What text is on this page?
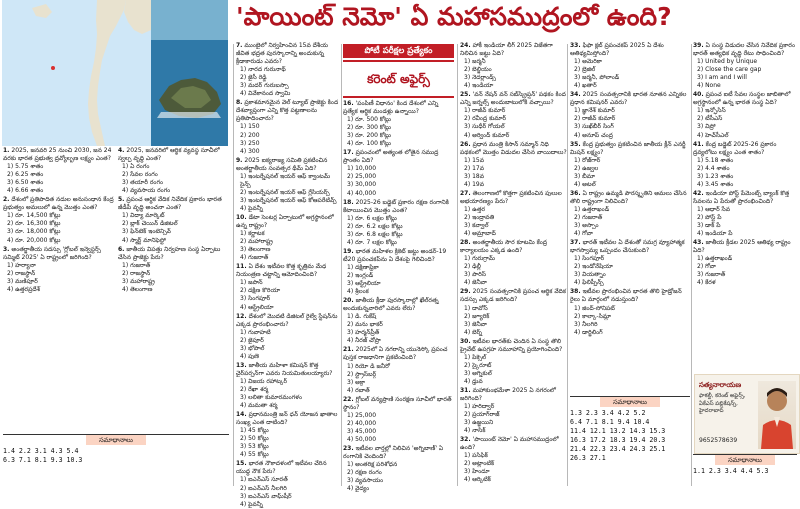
'పాయింట్ నెమో' ఏ మహాసముద్రంలో ఉంది?
పోటీ పరీక్షల ప్రత్యేకం
కరెంట్ అఫైర్స్
1. 2025, జనవరి 25 నుంచి 2030, జన 24 వరకు భారత ప్రభుత్వ ద్రవ్యోల్బణ లక్ష్యం ఎంత?
1) 5.75 శాతం
2) 6.25 శాతం
3) 6.50 శాతం
4) 6.66 శాతం
2. దేశంలో ప్రతిపాదిత నదుల అనుసంధాన కేంద్ర ప్రభుత్వం అమలులో ఉన్న మొత్తం ఎంత?
1) రూ. 14,500 కోట్లు
2) రూ. 16,300 కోట్లు
3) రూ. 18,000 కోట్లు
4) రూ. 20,000 కోట్లు
3. అంతర్జాతీయ సదస్సు 'గ్లోబల్ ఇన్వెస్టర్స్ సమ్మిట్ 2025' ఏ రాష్ట్రంలో జరిగింది?
1) హర్యానా
2) రాజస్థాన్
3) మణిపూర్
4) ఉత్తరప్రదేశ్
4. 2025, జనవరిలో ఆర్థిక వ్యవస్థ సూచీలో స్వల్ప వృద్ధి ఎంత?
1) ఏ రంగం
2) సేవల రంగం
3) తయారీ రంగం
4) వ్యవసాయ రంగం
5. ప్రపంచ ఆర్థిక వేదిక నివేదిక ప్రకారం భారత జీడీపీ వృద్ధి అంచనా ఎంత?
1) విద్యా మార్కెట్
2) బ్లాక్ చెయిన్ డిజిటల్
3) ఫిన్‌టెక్ ఇంటెన్సివ్
4) స్మార్ట్ మానిఫెస్టో
6. జాతీయ విపత్తు నిర్వహణ సంస్థ ఏర్పాటు చేసిన ప్రాజెక్టు పేరు?
1) గుజరాత్
2) రాజస్థాన్
3) మహారాష్ట్ర
4) తెలంగాణ
7. ముంబైలో నిర్వహించిన 15వ దేశీయ జీవిత భద్రత పురస్కారాన్ని అందుకున్న క్రీడాకారుడు ఎవరు?
1) నారద గురునాథ్
2) జైసీ రెడ్డి
3) మదర్ గురుబస్సా
4) వివేకానంద స్వామి
8. ప్రకాశమానమైన వెల్ ట్యూబ్ ప్రాజెక్టు కింద దేశవ్యాప్తంగా ఎన్ని కొత్త పట్టణాలను ప్రతిపాదించారు?
1) 150
2) 200
3) 250
4) 300
9. 2025 ఐక్యరాజ్య సమితి ప్రకటించిన అంతర్జాతీయ సంవత్సర థీమ్ ఏది?
1) ఇంటర్నేషనల్ ఇయర్ ఆఫ్ క్వాంటమ్ సైన్స్
2) ఇంటర్నేషనల్ ఇయర్ ఆఫ్ గ్లేసియర్స్
3) ఇంటర్నేషనల్ ఇయర్ ఆఫ్ కోఆపరేటివ్స్
4) పైవన్నీ
10. డేటా సెంటర్ల ఏర్పాటులో అగ్రస్థానంలో ఉన్న రాష్ట్రం?
1) కర్ణాటక
2) మహారాష్ట్ర
3) తెలంగాణ
4) గుజరాత్
11. ఏ దేశం ఇటీవల కొత్త కృత్రిమ మేధ నియంత్రణ చట్టాన్ని ఆమోదించింది?
1) జపాన్
2) దక్షిణ కొరియా
3) సింగపూర్
4) ఆస్ట్రేలియా
12. దేశంలో మొదటి డిజిటల్ రైల్వే స్టేషన్‌ను ఎక్కడ ప్రారంభించారు?
1) గువాహటి
2) జైపూర్
3) భోపాల్
4) పుణె
13. జాతీయ మహిళా కమిషన్ కొత్త చైర్‌పర్సన్‌గా ఎవరు నియమితులయ్యారు?
1) విజయ రహాట్కర్
2) రేఖా శర్మ
3) లలితా కుమారమంగళం
4) మమతా శర్మ
14. ప్రధానమంత్రి జన్ ధన్ యోజన ఖాతాల సంఖ్య ఎంత దాటింది?
1) 45 కోట్లు
2) 50 కోట్లు
3) 53 కోట్లు
4) 55 కోట్లు
15. భారత నౌకాదళంలో ఇటీవల చేరిన యుద్ధ నౌక పేరు?
1) ఐఎన్ఎస్ సూరత్
2) ఐఎన్ఎస్ నీలగిరి
3) ఐఎన్ఎస్ వాఘ్‌షీర్
4) పైవన్నీ
16. 'పంపిణీ విధానం' కింద దేశంలో ఎన్ని ప్రత్యేక ఆర్థిక మండళ్లు ఉన్నాయి?
1) రూ. 500 కోట్లు
2) రూ. 300 కోట్లు
3) రూ. 200 కోట్లు
4) రూ. 100 కోట్లు
17. ప్రపంచంలో అత్యంత లోతైన సముద్ర ప్రాంతం ఏది?
1) 10,000
2) 25,000
3) 30,000
4) 40,000
18. 2025-26 బడ్జెట్ ప్రకారం రక్షణ రంగానికి కేటాయించిన మొత్తం ఎంత?
1) రూ. 6 లక్షల కోట్లు
2) రూ. 6.2 లక్షల కోట్లు
3) రూ. 6.8 లక్షల కోట్లు
4) రూ. 7 లక్షల కోట్లు
19. భారత మహిళల క్రికెట్ జట్టు అండర్-19 టీ20 ప్రపంచకప్‌ను ఏ దేశంపై గెలిచింది?
1) దక్షిణాఫ్రికా
2) ఇంగ్లండ్
3) ఆస్ట్రేలియా
4) శ్రీలంక
20. జాతీయ క్రీడా పురస్కారాల్లో ఖేల్‌రత్న అందుకున్నవారిలో ఎవరు లేరు?
1) డి. గుకేష్
2) మను భాకర్
3) హర్మన్‌ప్రీత్
4) నీరజ్ చోప్రా
21. 2025లో ఏ నగరాన్ని యునెస్కో ప్రపంచ పుస్తక రాజధానిగా ప్రకటించింది?
1) రియో డి జనీరో
2) స్ట్రాస్‌బర్గ్
3) అక్రా
4) రబాత్
22. గ్లోబల్ వన్యప్రాణి సంరక్షణ సూచీలో భారత్ స్థానం?
1) 25,000
2) 40,000
3) 45,000
4) 50,000
23. ఇటీవల వార్తల్లో నిలిచిన 'అగ్నిబాణ్' ఏ రంగానికి చెందింది?
1) అంతరిక్ష పరిశోధన
2) రక్షణ రంగం
3) వ్యవసాయం
4) వైద్యం
24. హాకీ ఇండియా లీగ్ 2025 విజేతగా నిలిచిన జట్టు ఏది?
1) జర్మనీ
2) బెల్జియం
3) నెదర్లాండ్స్
4) ఇండియా
25. 'వన్ నేషన్ వన్ సబ్‌స్క్రిప్షన్' పథకం కింద ఎన్ని జర్నల్స్ అందుబాటులోకి వచ్చాయి?
1) రాజీవ్ కుమార్
2) రవీంద్ర కుమార్
3) సుధీర్ గోయల్
4) అర్వింద్ కుమార్
26. ప్రధాన మంత్రి కిసాన్ సమ్మాన్ నిధి పథకంలో మొత్తం విడుదల చేసిన వాయిదాలు?
1) 15వ
2) 17వ
3) 18వ
4) 19వ
27. తెలంగాణలో కొత్తగా ప్రకటించిన పులుల అభయారణ్యం పేరు?
1) ఉత్తర
2) ఇంద్రావతి
3) కవ్వాల్
4) అమ్రాబాద్
28. అంతర్జాతీయ సౌర కూటమి కేంద్ర కార్యాలయం ఎక్కడ ఉంది?
1) గురుగ్రామ్
2) ఢిల్లీ
3) పారిస్
4) జెనీవా
29. 2025 సంవత్సరానికి ప్రపంచ ఆర్థిక వేదిక సదస్సు ఎక్కడ జరిగింది?
1) దావోస్
2) జ్యూరిక్
3) జెనీవా
4) బెర్న్
30. ఇటీవల భారత్‌కు చెందిన ఏ సంస్థ తొలి ప్రైవేట్ ఉపగ్రహ సమూహాన్ని ప్రయోగించింది?
1) పిక్సెల్
2) స్కైరూట్
3) అగ్నికుల్
4) ధ్రువ
31. మహాకుంభమేళా 2025 ఏ నగరంలో జరిగింది?
1) హరిద్వార్
2) ప్రయాగ్‌రాజ్
3) ఉజ్జయిని
4) నాసిక్
32. 'పాయింట్ నెమో' ఏ మహాసముద్రంలో ఉంది?
1) పసిఫిక్
2) అట్లాంటిక్
3) హిందూ
4) ఆర్కిటిక్
33. ఫిఫా క్లబ్ ప్రపంచకప్ 2025 ఏ దేశం ఆతిథ్యమిస్తోంది?
1) అమెరికా
2) బ్రెజిల్
3) జర్మనీ, పోలాండ్
4) ఖతార్
34. 2025 సంవత్సరానికి భారత నూతన ఎన్నికల ప్రధాన కమిషనర్ ఎవరు?
1) జ్ఞానేశ్ కుమార్
2) రాజీవ్ కుమార్
3) సుఖ్‌బీర్ సింగ్
4) అనూప్ చంద్ర
35. కేంద్ర ప్రభుత్వం ప్రకటించిన జాతీయ క్లీన్ ఎనర్జీ మిషన్ లక్ష్యం?
1) రోజ్‌గార్
2) ఉజ్వల
3) బీమా
4) అటల్
36. ఏ రాష్ట్రం ఉమ్మడి పౌరస్మృతిని అమలు చేసిన తొలి రాష్ట్రంగా నిలిచింది?
1) ఉత్తరాఖండ్
2) గుజరాత్
3) అస్సాం
4) గోవా
37. భారత్ ఇటీవల ఏ దేశంతో సమగ్ర వ్యూహాత్మక భాగస్వామ్య ఒప్పందం చేసుకుంది?
1) సింగపూర్
2) ఇండోనేషియా
3) వియత్నాం
4) ఫిలిప్పీన్స్
38. ఇటీవల ప్రారంభించిన భారత తొలి హైడ్రోజన్ రైలు ఏ మార్గంలో నడుస్తుంది?
1) జింద్-సోనిపట్
2) కాల్కా-సిమ్లా
3) నీలగిరి
4) డార్జిలింగ్
39. ఏ సంస్థ విడుదల చేసిన నివేదిక ప్రకారం భారత్ అత్యధిక వృద్ధి రేటు సాధించింది?
1) United by Unique
2) Close the care gap
3) I am and I will
4) None
40. ప్రపంచ ఐటీ సేవల సంస్థల జాబితాలో అగ్రస్థానంలో ఉన్న భారత సంస్థ ఏది?
1) ఇన్ఫోసిస్
2) టీసీఎస్
3) విప్రో
4) హెచ్‌సీఎల్
41. కేంద్ర బడ్జెట్ 2025-26 ప్రకారం ద్రవ్యలోటు లక్ష్యం ఎంత శాతం?
1) 5.18 శాతం
2) 4.4 శాతం
3) 1.23 శాతం
4) 3.45 శాతం
42. ఇండియా పోస్ట్ పేమెంట్స్ బ్యాంక్ కొత్త సేవలను ఏ పేరుతో ప్రారంభించింది?
1) ఆధార్ సేవ
2) పోస్ట్ పే
3) డాక్ పే
4) ఇండియా పే
43. జాతీయ క్రీడల 2025 ఆతిథ్య రాష్ట్రం ఏది?
1) ఉత్తరాఖండ్
2) గోవా
3) గుజరాత్
4) కేరళ
సమాధానాలు
1.4 2.2 3.1 4.3 5.4
6.3 7.1 8.1 9.3 10.3
సమాధానాలు
1.3 2.3 3.4 4.2 5.2
6.4 7.1 8.1 9.4 10.4
11.4 12.1 13.2 14.3 15.3
16.3 17.2 18.3 19.4 20.3
21.4 22.3 23.4 24.3 25.1
26.3 27.1
సత్యనారాయణ
ఫాకల్టీ, కరెంట్ అఫైర్స్, ఏకేఎస్ పబ్లికేషన్స్, హైదరాబాద్
9652578639
సమాధానాలు
1.1 2.3 3.4 4.4 5.3
